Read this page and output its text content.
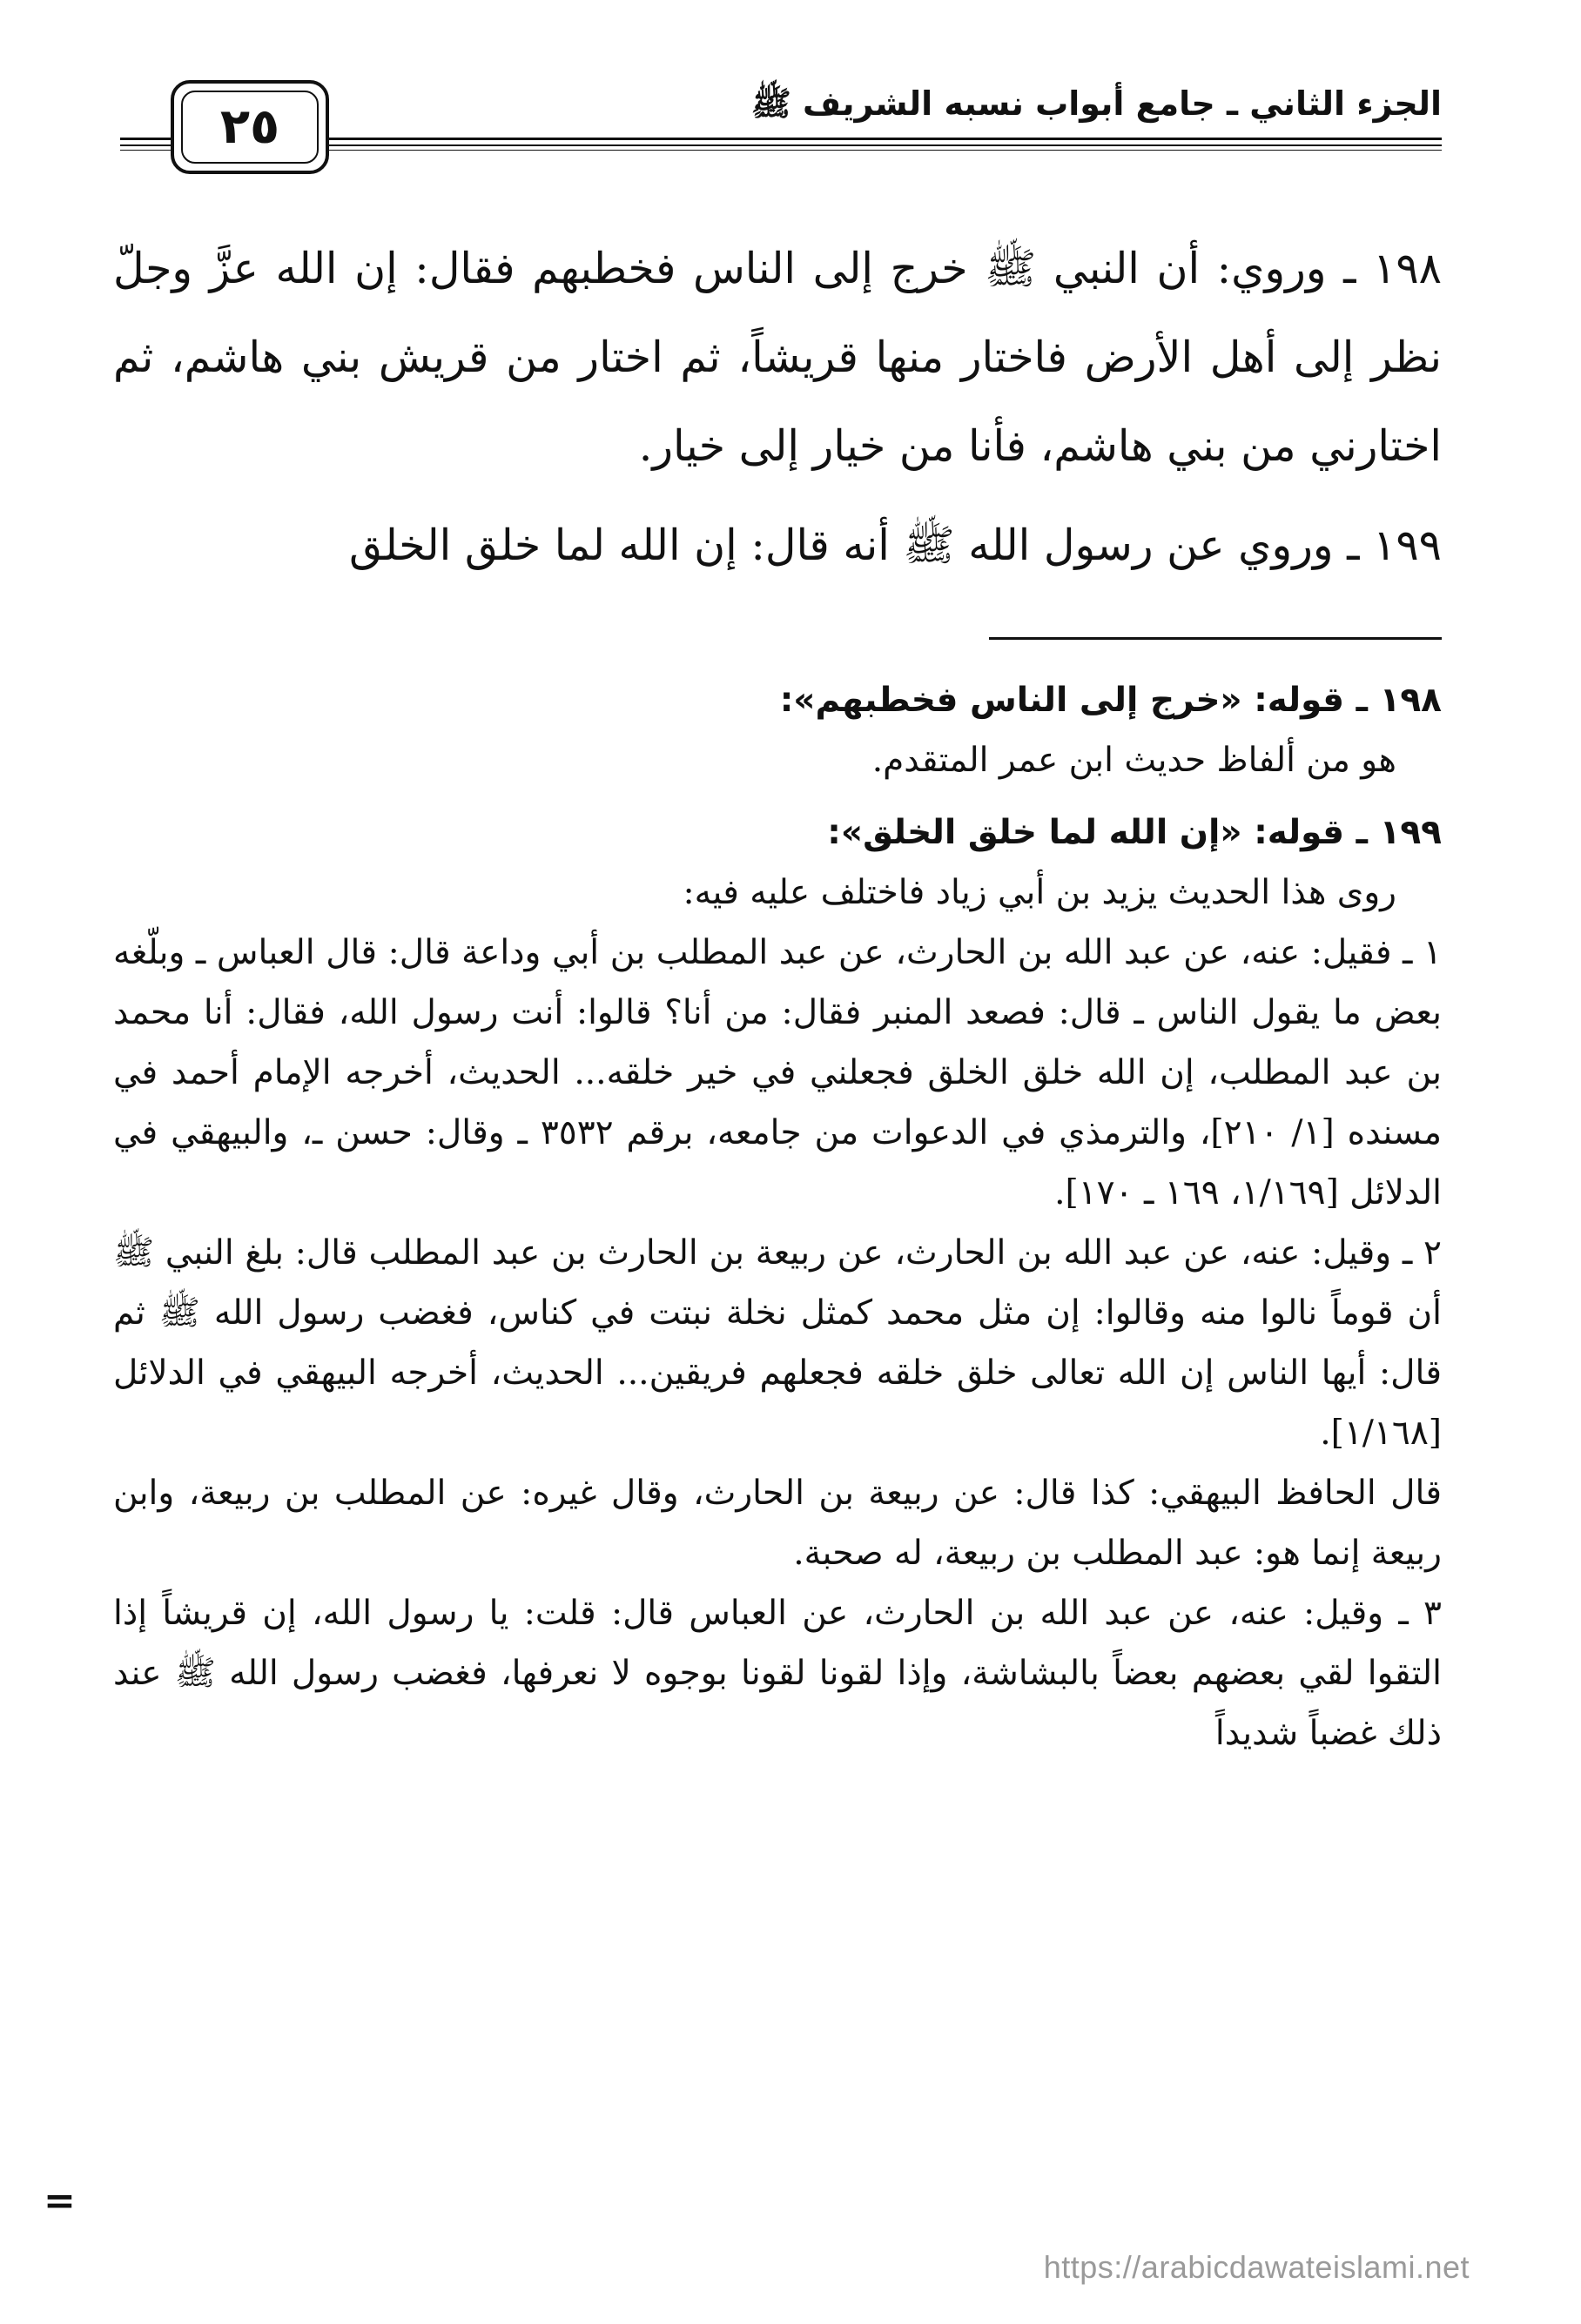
٢٥	الجزء الثاني ـ جامع أبواب نسبه الشريف ﷺ

١٩٨ ـ وروي: أن النبي ﷺ خرج إلى الناس فخطبهم فقال: إن الله عزَّ وجلّ نظر إلى أهل الأرض فاختار منها قريشاً، ثم اختار من قريش بني هاشم، ثم اختارني من بني هاشم، فأنا من خيار إلى خيار.

١٩٩ ـ وروي عن رسول الله ﷺ أنه قال: إن الله لما خلق الخلق

١٩٨ ـ قوله: «خرج إلى الناس فخطبهم»:

هو من ألفاظ حديث ابن عمر المتقدم.

١٩٩ ـ قوله: «إن الله لما خلق الخلق»:

روى هذا الحديث يزيد بن أبي زياد فاختلف عليه فيه:

١ ـ فقيل: عنه، عن عبد الله بن الحارث، عن عبد المطلب بن أبي وداعة قال: قال العباس ـ وبلّغه بعض ما يقول الناس ـ قال: فصعد المنبر فقال: من أنا؟ قالوا: أنت رسول الله، فقال: أنا محمد بن عبد المطلب، إن الله خلق الخلق فجعلني في خير خلقه... الحديث، أخرجه الإمام أحمد في مسنده [١/ ٢١٠]، والترمذي في الدعوات من جامعه، برقم ٣٥٣٢ ـ وقال: حسن ـ، والبيهقي في الدلائل [١/١٦٩، ١٦٩ ـ ١٧٠].

٢ ـ وقيل: عنه، عن عبد الله بن الحارث، عن ربيعة بن الحارث بن عبد المطلب قال: بلغ النبي ﷺ أن قوماً نالوا منه وقالوا: إن مثل محمد كمثل نخلة نبتت في كناس، فغضب رسول الله ﷺ ثم قال: أيها الناس إن الله تعالى خلق خلقه فجعلهم فريقين... الحديث، أخرجه البيهقي في الدلائل [١/١٦٨].

قال الحافظ البيهقي: كذا قال: عن ربيعة بن الحارث، وقال غيره: عن المطلب بن ربيعة، وابن ربيعة إنما هو: عبد المطلب بن ربيعة، له صحبة.

٣ ـ وقيل: عنه، عن عبد الله بن الحارث، عن العباس قال: قلت: يا رسول الله، إن قريشاً إذا التقوا لقي بعضهم بعضاً بالبشاشة، وإذا لقونا لقونا بوجوه لا نعرفها، فغضب رسول الله ﷺ عند ذلك غضباً شديداً

=
https://arabicdawateislami.net
